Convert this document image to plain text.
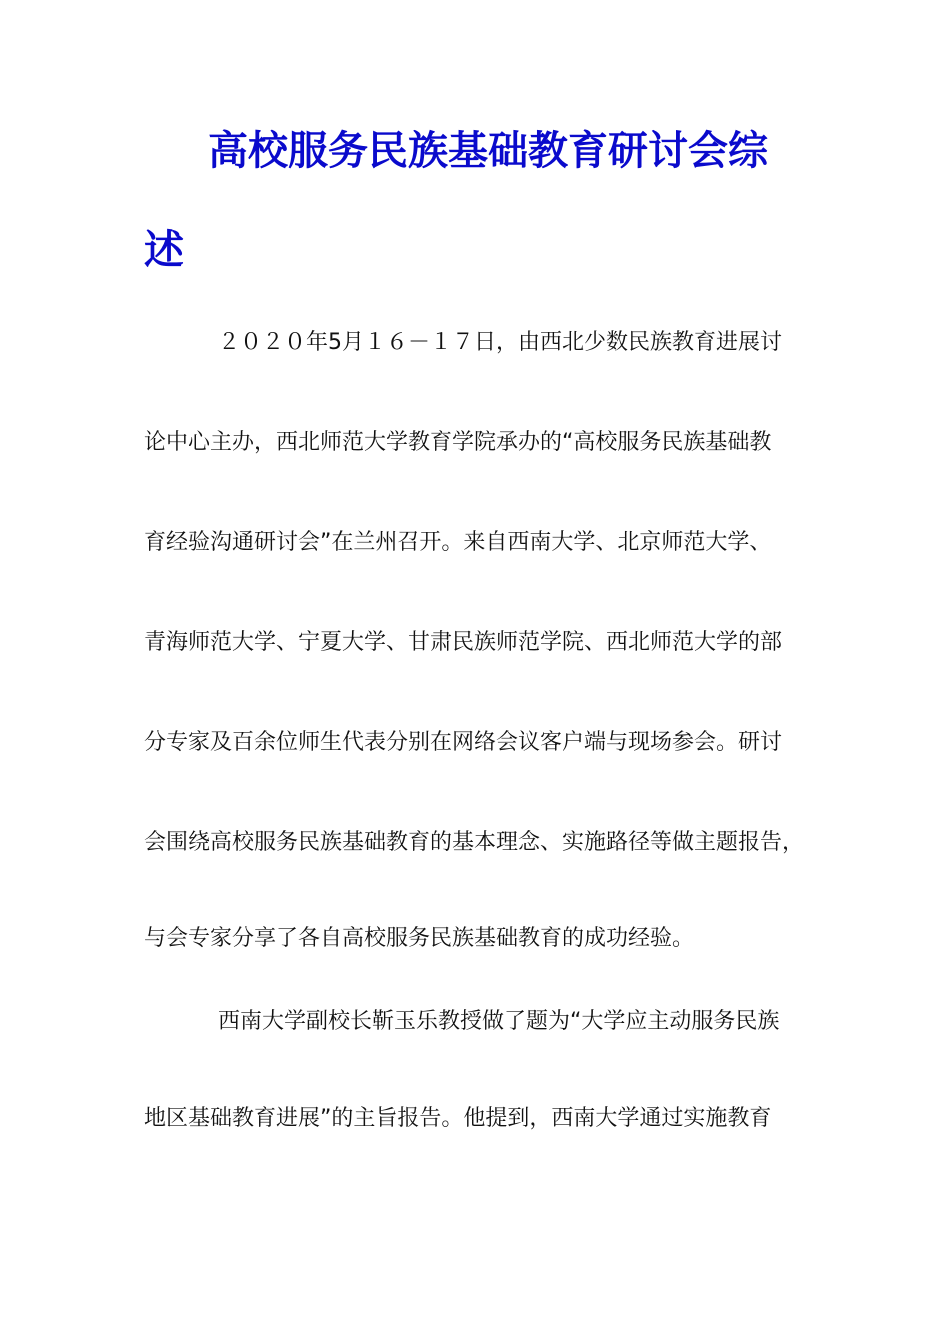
高校服务民族基础教育研讨会综
述
２０２０年5月１６－１７日，由西北少数民族教育进展讨
论中心主办，西北师范大学教育学院承办的“高校服务民族基础教
育经验沟通研讨会”在兰州召开。来自西南大学、北京师范大学、
青海师范大学、宁夏大学、甘肃民族师范学院、西北师范大学的部
分专家及百余位师生代表分别在网络会议客户端与现场参会。研讨
会围绕高校服务民族基础教育的基本理念、实施路径等做主题报告，
与会专家分享了各自高校服务民族基础教育的成功经验。
西南大学副校长靳玉乐教授做了题为“大学应主动服务民族
地区基础教育进展”的主旨报告。他提到，西南大学通过实施教育
